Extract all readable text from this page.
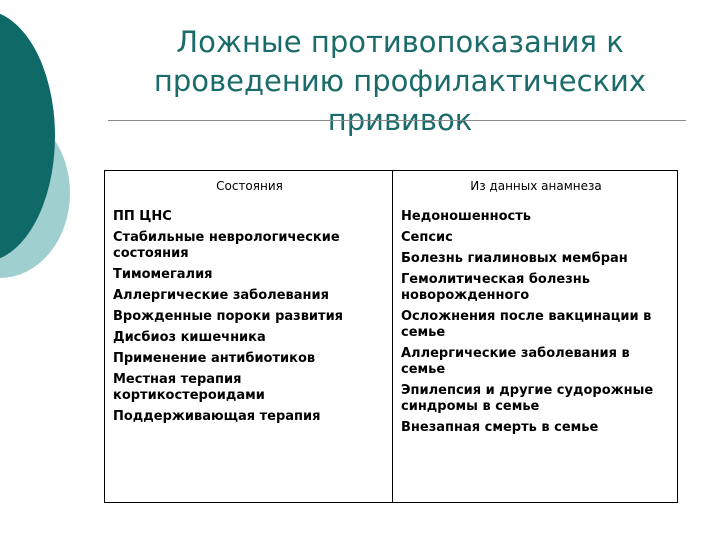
Ложные противопоказания к проведению профилактических прививок
Состояния
ПП ЦНС
Стабильные неврологические состояния
Тимомегалия
Аллергические заболевания
Врожденные пороки развития
Дисбиоз кишечника
Применение антибиотиков
Местная терапия кортикостероидами
Поддерживающая терапия
Из данных анамнеза
Недоношенность
Сепсис
Болезнь гиалиновых мембран
Гемолитическая болезнь новорожденного
Осложнения после вакцинации в семье
Аллергические заболевания в семье
Эпилепсия и другие судорожные синдромы в семье
Внезапная смерть в семье
